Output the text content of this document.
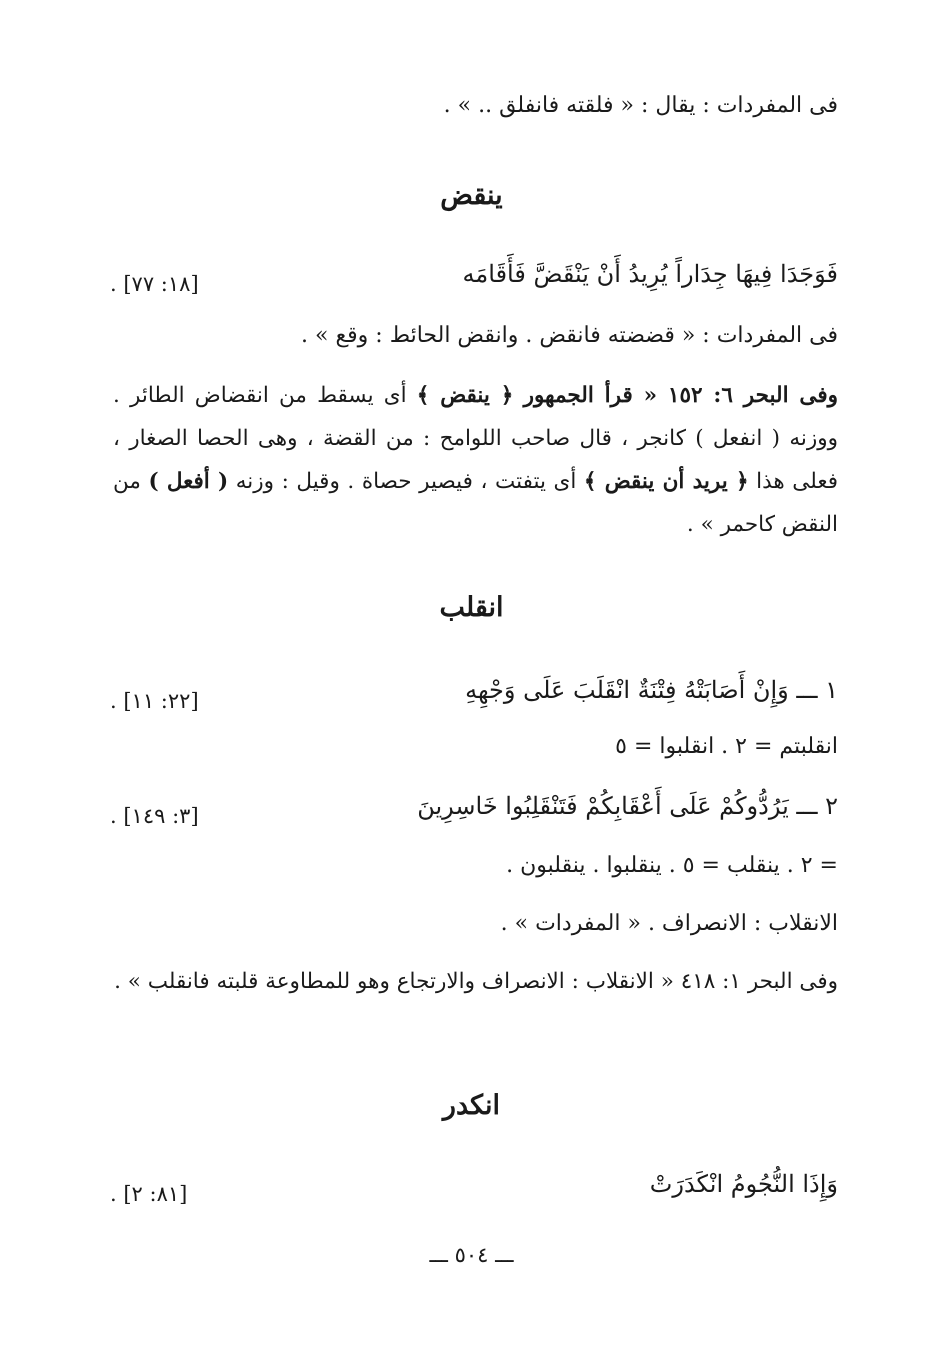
فى المفردات : يقال : « فلقته فانفلق .. » .
ينقض
فَوَجَدَا فِيهَا جِدَاراً يُرِيدُ أَنْ يَنْقَضَّ فَأَقَامَه
. [١٨: ٧٧]
فى المفردات : « قضضته فانقض . وانقض الحائط : وقع » .
وفى البحر ٦: ١٥٢ « قرأ الجمهور ﴿ ينقض ﴾ أى يسقط من انقضاض الطائر . ووزنه ( انفعل ) كانجر ، قال صاحب اللوامح : من القضة ، وهى الحصا الصغار ، فعلى هذا ﴿ يريد أن ينقض ﴾ أى يتفتت ، فيصير حصاة . وقيل : وزنه ( أفعل ) من النقض كاحمر » .
انقلب
١ ـــ وَإِنْ أَصَابَتْهُ فِتْنَةٌ انْقَلَبَ عَلَى وَجْهِهِ
. [٢٢: ١١]
انقلبتم = ٢ . انقلبوا = ٥
٢ ـــ يَرُدُّوكُمْ عَلَى أَعْقَابِكُمْ فَتَنْقَلِبُوا خَاسِرِينَ
. [٣: ١٤٩]
= ٢ . ينقلب = ٥ . ينقلبوا . ينقلبون .
الانقلاب : الانصراف . « المفردات » .
وفى البحر ١: ٤١٨ « الانقلاب : الانصراف والارتجاع وهو للمطاوعة قلبته فانقلب » .
انكدر
وَإِذَا النُّجُومُ انْكَدَرَتْ
. [٨١: ٢]
ـــ ٥٠٤ ـــ
